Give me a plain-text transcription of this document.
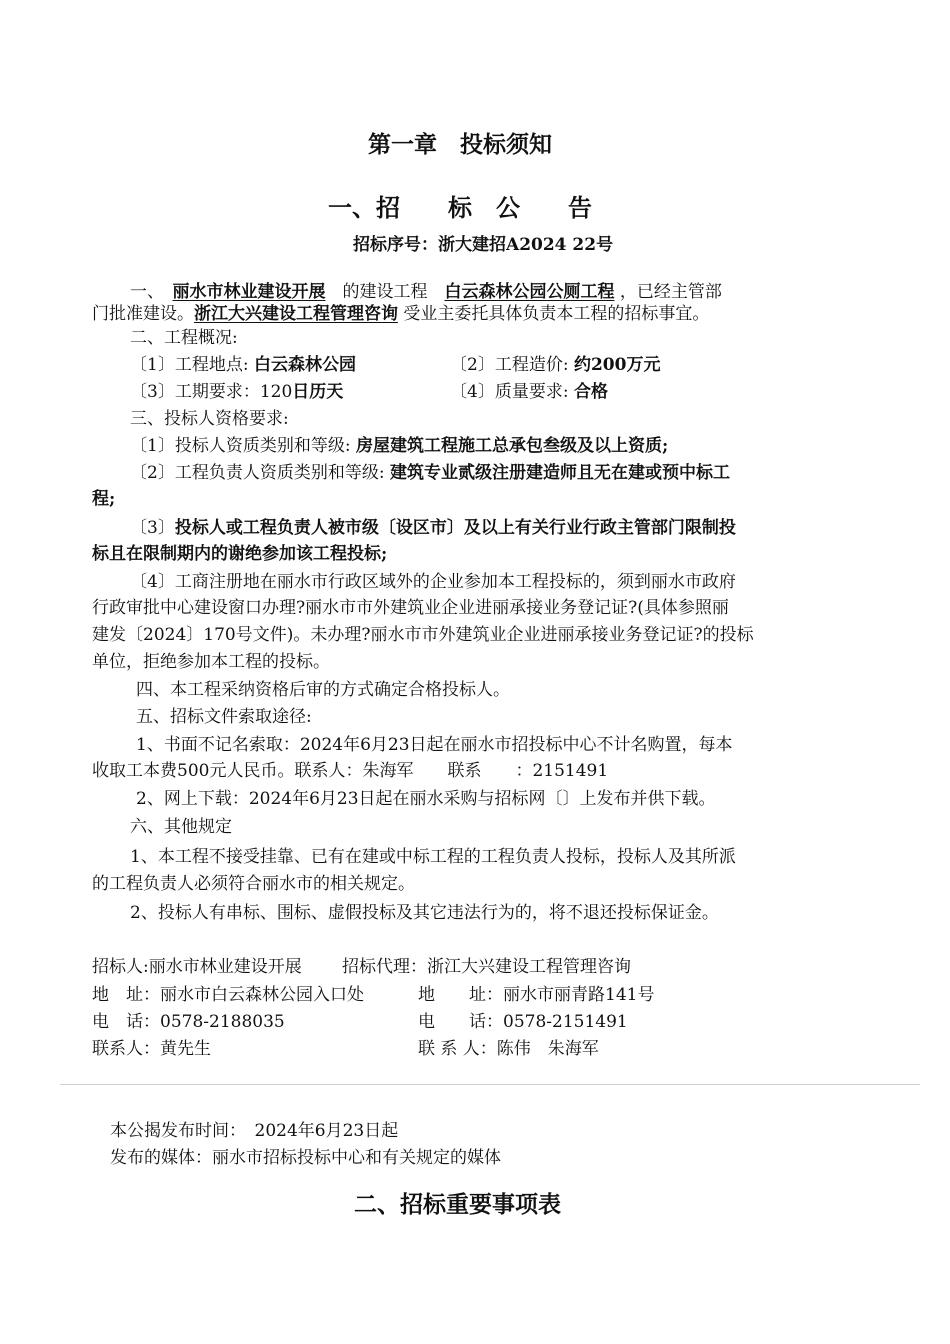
第一章　投标须知
一、招　　标　公　　告
招标序号：浙大建招A2024 22号
一、　 丽水市林业建设开展　 的建设工程　 白云森林公园公厕工程 ，已经主管部
门批准建设。浙江大兴建设工程管理咨询 受业主委托具体负责本工程的招标事宜。
二、工程概况:
〔1〕工程地点: 白云森林公园	〔2〕工程造价: 约200万元
〔3〕工期要求：120日历天	〔4〕质量要求: 合格
三、投标人资格要求:
〔1〕投标人资质类别和等级: 房屋建筑工程施工总承包叁级及以上资质;
〔2〕工程负责人资质类别和等级: 建筑专业贰级注册建造师且无在建或预中标工
程;
〔3〕投标人或工程负责人被市级〔设区市〕及以上有关行业行政主管部门限制投
标且在限制期内的谢绝参加该工程投标;
〔4〕工商注册地在丽水市行政区域外的企业参加本工程投标的，须到丽水市政府
行政审批中心建设窗口办理?丽水市市外建筑业企业进丽承接业务登记证?(具体参照丽
建发〔2024〕170号文件)。未办理?丽水市市外建筑业企业进丽承接业务登记证?的投标
单位，拒绝参加本工程的投标。
四、本工程采纳资格后审的方式确定合格投标人。
五、招标文件索取途径:
1、书面不记名索取：2024年6月23日起在丽水市招投标中心不计名购置，每本
收取工本费500元人民币。联系人：朱海军　　联系　　：2151491
2、网上下载：2024年6月23日起在丽水采购与招标网〔〕上发布并供下载。
六、其他规定
1、本工程不接受挂靠、已有在建或中标工程的工程负责人投标，投标人及其所派
的工程负责人必须符合丽水市的相关规定。
2、投标人有串标、围标、虚假投标及其它违法行为的，将不退还投标保证金。
招标人:丽水市林业建设开展 招标代理：浙江大兴建设工程管理咨询
地　址：丽水市白云森林公园入口处	地　　址：丽水市丽青路141号
电　话：0578-2188035	电　　话：0578-2151491
联系人：黄先生	联 系 人：陈伟　朱海军
本公揭发布时间：　2024年6月23日起
发布的媒体：丽水市招标投标中心和有关规定的媒体
二、招标重要事项表
